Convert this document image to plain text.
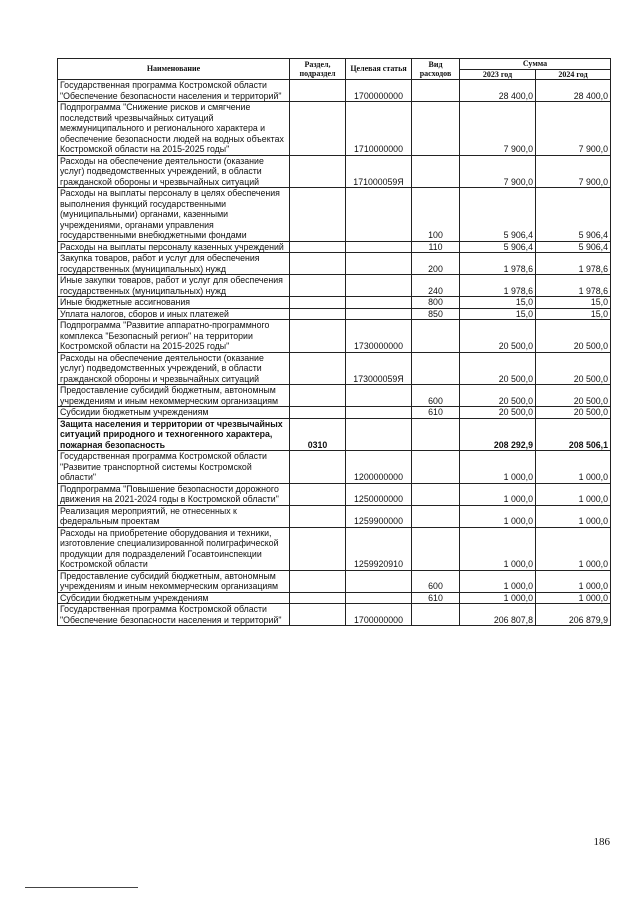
Наименование	Раздел, подраздел	Целевая статья	Вид расходов	Сумма	
				2023 год	2024 год
Государственная программа Костромской области "Обеспечение безопасности населения и территорий"		1700000000		28 400,0	28 400,0
Подпрограмма "Снижение рисков и смягчение последствий чрезвычайных ситуаций межмуниципального и регионального характера и обеспечение безопасности людей на водных объектах Костромской области на 2015-2025 годы"		1710000000		7 900,0	7 900,0
Расходы на обеспечение деятельности (оказание услуг) подведомственных учреждений, в области гражданской обороны и чрезвычайных ситуаций		171000059Я		7 900,0	7 900,0
Расходы на выплаты персоналу в целях обеспечения выполнения функций государственными (муниципальными) органами, казенными учреждениями, органами управления государственными внебюджетными фондами			100	5 906,4	5 906,4
Расходы на выплаты персоналу казенных учреждений			110	5 906,4	5 906,4
Закупка товаров, работ и услуг для обеспечения государственных (муниципальных) нужд			200	1 978,6	1 978,6
Иные закупки товаров, работ и услуг для обеспечения государственных (муниципальных) нужд			240	1 978,6	1 978,6
Иные бюджетные ассигнования			800	15,0	15,0
Уплата налогов, сборов и иных платежей			850	15,0	15,0
Подпрограмма "Развитие аппаратно-программного комплекса "Безопасный регион" на территории Костромской области на 2015-2025 годы"		1730000000		20 500,0	20 500,0
Расходы на обеспечение деятельности (оказание услуг) подведомственных учреждений, в области гражданской обороны и чрезвычайных ситуаций		173000059Я		20 500,0	20 500,0
Предоставление субсидий бюджетным, автономным учреждениям и иным некоммерческим организациям			600	20 500,0	20 500,0
Субсидии бюджетным учреждениям			610	20 500,0	20 500,0
Защита населения и территории от чрезвычайных ситуаций природного и техногенного характера, пожарная безопасность	0310			208 292,9	208 506,1
Государственная программа Костромской области "Развитие транспортной системы Костромской области"		1200000000		1 000,0	1 000,0
Подпрограмма "Повышение безопасности дорожного движения на 2021-2024 годы в Костромской области"		1250000000		1 000,0	1 000,0
Реализация мероприятий, не отнесенных к федеральным проектам		1259900000		1 000,0	1 000,0
Расходы на приобретение оборудования и техники, изготовление специализированной полиграфической продукции для подразделений Госавтоинспекции Костромской области		1259920910		1 000,0	1 000,0
Предоставление субсидий бюджетным, автономным учреждениям и иным некоммерческим организациям			600	1 000,0	1 000,0
Субсидии бюджетным учреждениям			610	1 000,0	1 000,0
Государственная программа Костромской области "Обеспечение безопасности населения и территорий"		1700000000		206 807,8	206 879,9
186
